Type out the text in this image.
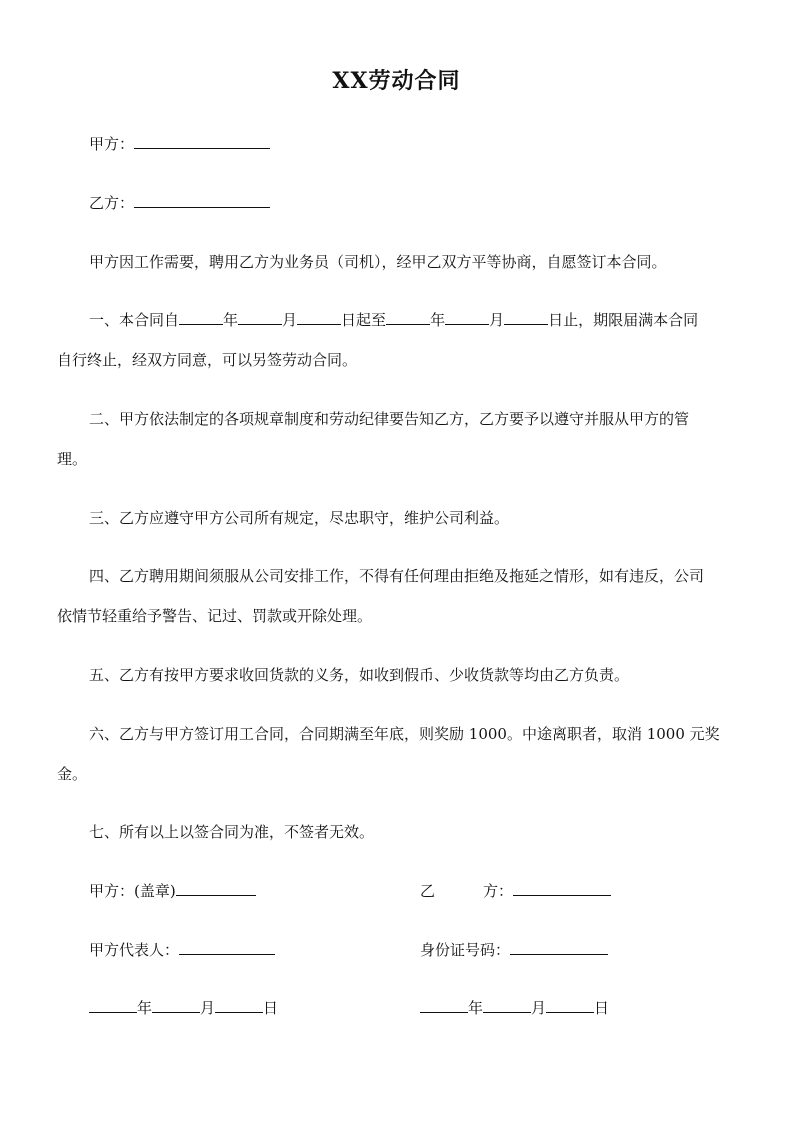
XX劳动合同
甲方：
乙方：
甲方因工作需要，聘用乙方为业务员（司机），经甲乙双方平等协商，自愿签订本合同。
一、本合同自	年	月	日起至	年	月	日止，期限届满本合同
自行终止，经双方同意，可以另签劳动合同。
二、甲方依法制定的各项规章制度和劳动纪律要告知乙方，乙方要予以遵守并服从甲方的管
理。
三、乙方应遵守甲方公司所有规定，尽忠职守，维护公司利益。
四、乙方聘用期间须服从公司安排工作，不得有任何理由拒绝及拖延之情形，如有违反，公司
依情节轻重给予警告、记过、罚款或开除处理。
五、乙方有按甲方要求收回货款的义务，如收到假币、少收货款等均由乙方负责。
六、乙方与甲方签订用工合同，合同期满至年底，则奖励 1000。中途离职者，取消 1000 元奖
金。
七、所有以上以签合同为准，不签者无效。
甲方：(盖章)	乙	方：
甲方代表人：	身份证号码：
年	月	日	年	月	日
